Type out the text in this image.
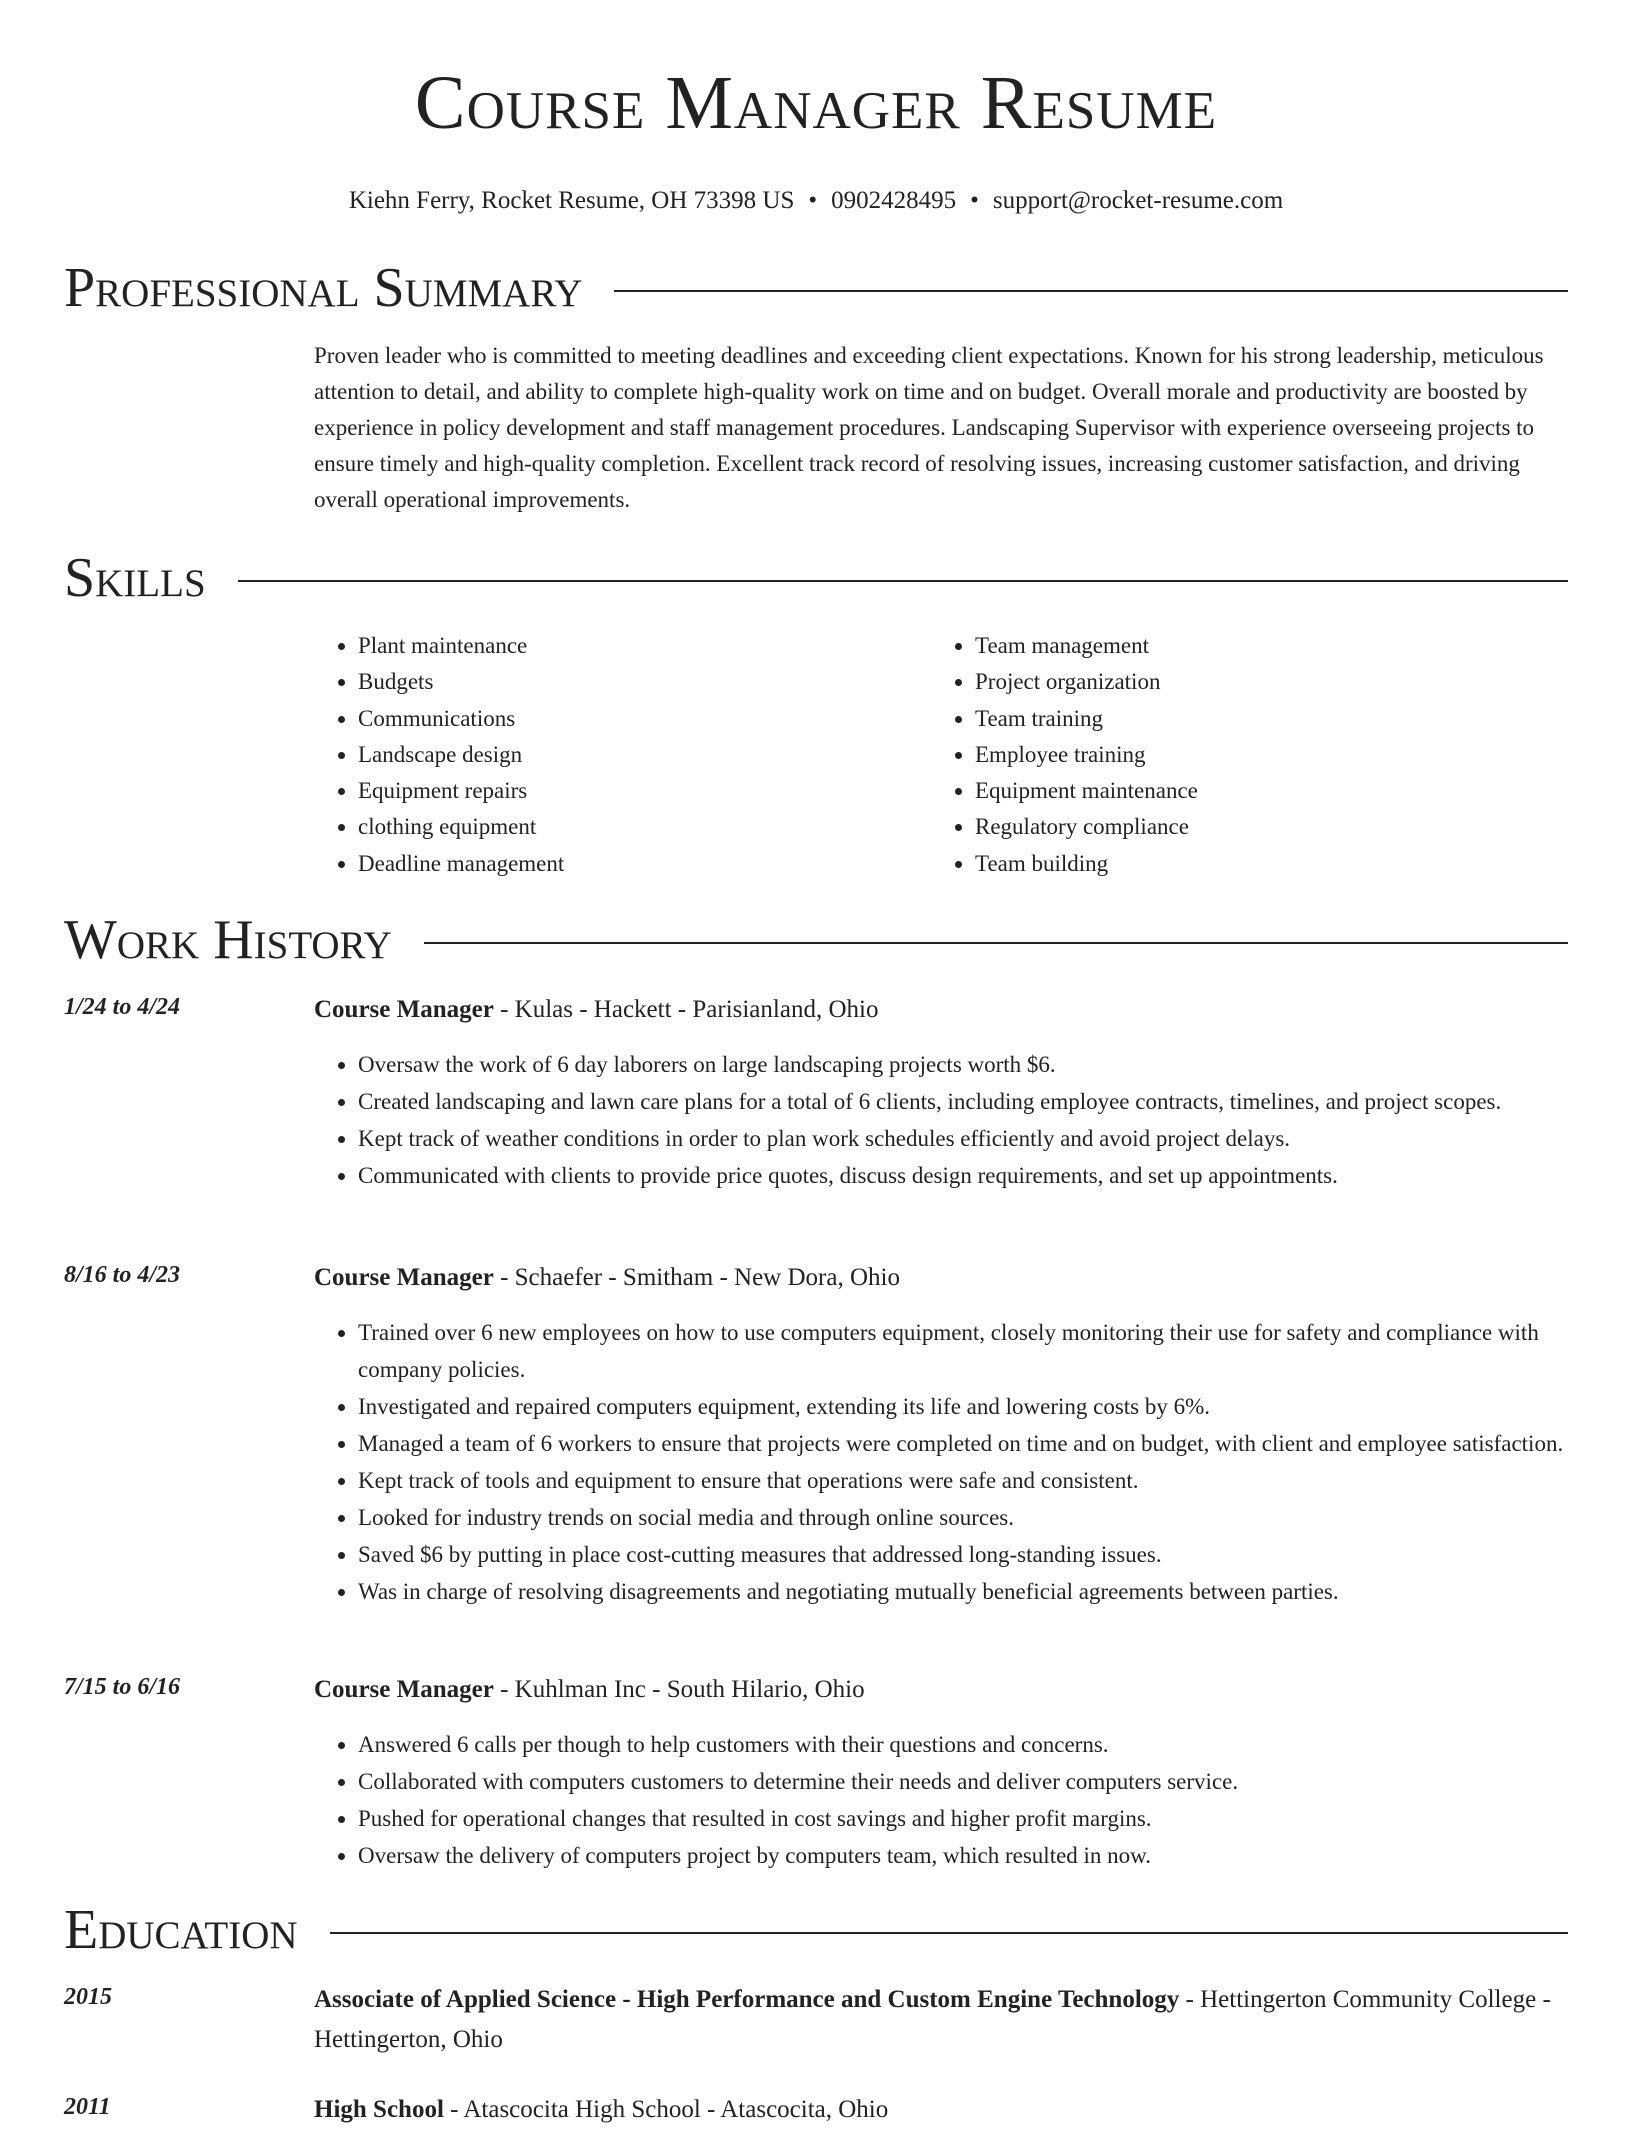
Course Manager Resume
Kiehn Ferry, Rocket Resume, OH 73398 US • 0902428495 • support@rocket-resume.com
Professional Summary

Proven leader who is committed to meeting deadlines and exceeding client expectations. Known for his strong leadership, meticulous attention to detail, and ability to complete high-quality work on time and on budget. Overall morale and productivity are boosted by experience in policy development and staff management procedures. Landscaping Supervisor with experience overseeing projects to ensure timely and high-quality completion. Excellent track record of resolving issues, increasing customer satisfaction, and driving overall operational improvements.

Skills
• Plant maintenance
• Budgets
• Communications
• Landscape design
• Equipment repairs
• clothing equipment
• Deadline management
• Team management
• Project organization
• Team training
• Employee training
• Equipment maintenance
• Regulatory compliance
• Team building
Work History
1/24 to 4/24	Course Manager - Kulas - Hackett - Parisianland, Ohio
• Oversaw the work of 6 day laborers on large landscaping projects worth $6.
• Created landscaping and lawn care plans for a total of 6 clients, including employee contracts, timelines, and project scopes.
• Kept track of weather conditions in order to plan work schedules efficiently and avoid project delays.
• Communicated with clients to provide price quotes, discuss design requirements, and set up appointments.
8/16 to 4/23	Course Manager - Schaefer - Smitham - New Dora, Ohio
• Trained over 6 new employees on how to use computers equipment, closely monitoring their use for safety and compliance with company policies.
• Investigated and repaired computers equipment, extending its life and lowering costs by 6%.
• Managed a team of 6 workers to ensure that projects were completed on time and on budget, with client and employee satisfaction.
• Kept track of tools and equipment to ensure that operations were safe and consistent.
• Looked for industry trends on social media and through online sources.
• Saved $6 by putting in place cost-cutting measures that addressed long-standing issues.
• Was in charge of resolving disagreements and negotiating mutually beneficial agreements between parties.
7/15 to 6/16	Course Manager - Kuhlman Inc - South Hilario, Ohio
• Answered 6 calls per though to help customers with their questions and concerns.
• Collaborated with computers customers to determine their needs and deliver computers service.
• Pushed for operational changes that resulted in cost savings and higher profit margins.
• Oversaw the delivery of computers project by computers team, which resulted in now.
Education
2015	Associate of Applied Science - High Performance and Custom Engine Technology - Hettingerton Community College - Hettingerton, Ohio
2011	High School - Atascocita High School - Atascocita, Ohio
